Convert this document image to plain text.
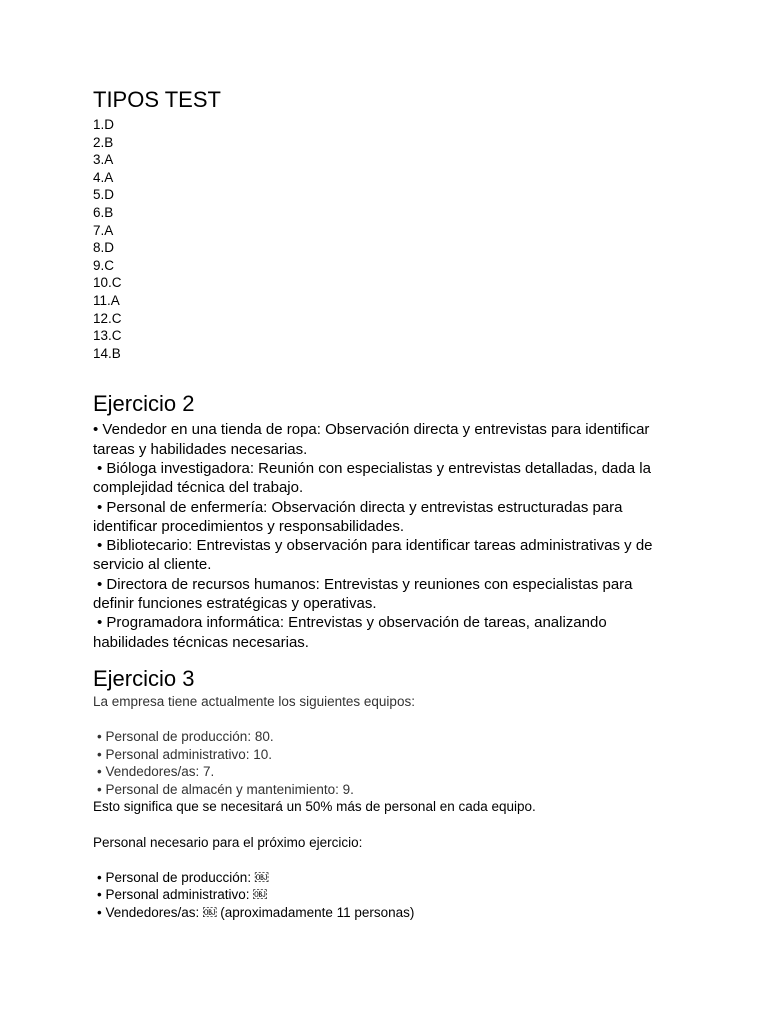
TIPOS TEST
1.D
2.B
3.A
4.A
5.D
6.B
7.A
8.D
9.C
10.C
11.A
12.C
13.C
14.B
Ejercicio 2
• Vendedor en una tienda de ropa: Observación directa y entrevistas para identificar
tareas y habilidades necesarias.
• Bióloga investigadora: Reunión con especialistas y entrevistas detalladas, dada la
complejidad técnica del trabajo.
• Personal de enfermería: Observación directa y entrevistas estructuradas para
identificar procedimientos y responsabilidades.
• Bibliotecario: Entrevistas y observación para identificar tareas administrativas y de
servicio al cliente.
• Directora de recursos humanos: Entrevistas y reuniones con especialistas para
definir funciones estratégicas y operativas.
• Programadora informática: Entrevistas y observación de tareas, analizando
habilidades técnicas necesarias.
Ejercicio 3
La empresa tiene actualmente los siguientes equipos:
• Personal de producción: 80.
• Personal administrativo: 10.
• Vendedores/as: 7.
• Personal de almacén y mantenimiento: 9.
Esto significa que se necesitará un 50% más de personal en cada equipo.
Personal necesario para el próximo ejercicio:
• Personal de producción: ￼
• Personal administrativo: ￼
• Vendedores/as: ￼ (aproximadamente 11 personas)
